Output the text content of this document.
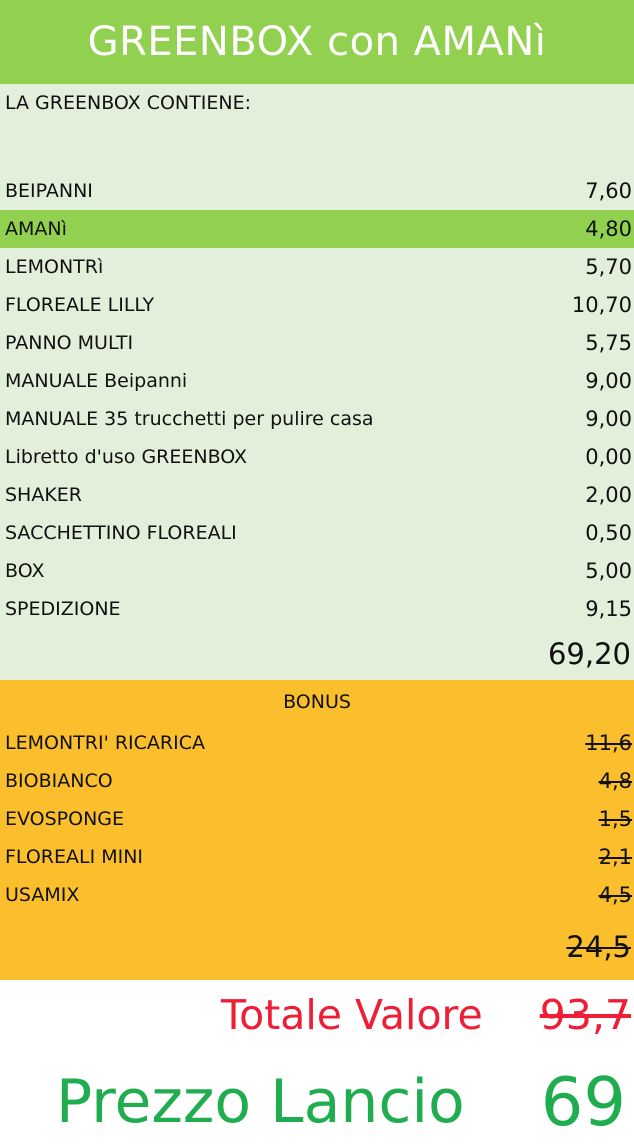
GREENBOX con AMANì
LA GREENBOX CONTIENE:
BEIPANNI	7,60
AMANì	4,80
LEMONTRì	5,70
FLOREALE LILLY	10,70
PANNO MULTI	5,75
MANUALE Beipanni	9,00
MANUALE 35 trucchetti per pulire casa	9,00
Libretto d'uso GREENBOX	0,00
SHAKER	2,00
SACCHETTINO FLOREALI	0,50
BOX	5,00
SPEDIZIONE	9,15
69,20
BONUS
LEMONTRI' RICARICA	11,6
BIOBIANCO	4,8
EVOSPONGE	1,5
FLOREALI MINI	2,1
USAMIX	4,5
24,5
Totale Valore 93,7
Prezzo Lancio 69
